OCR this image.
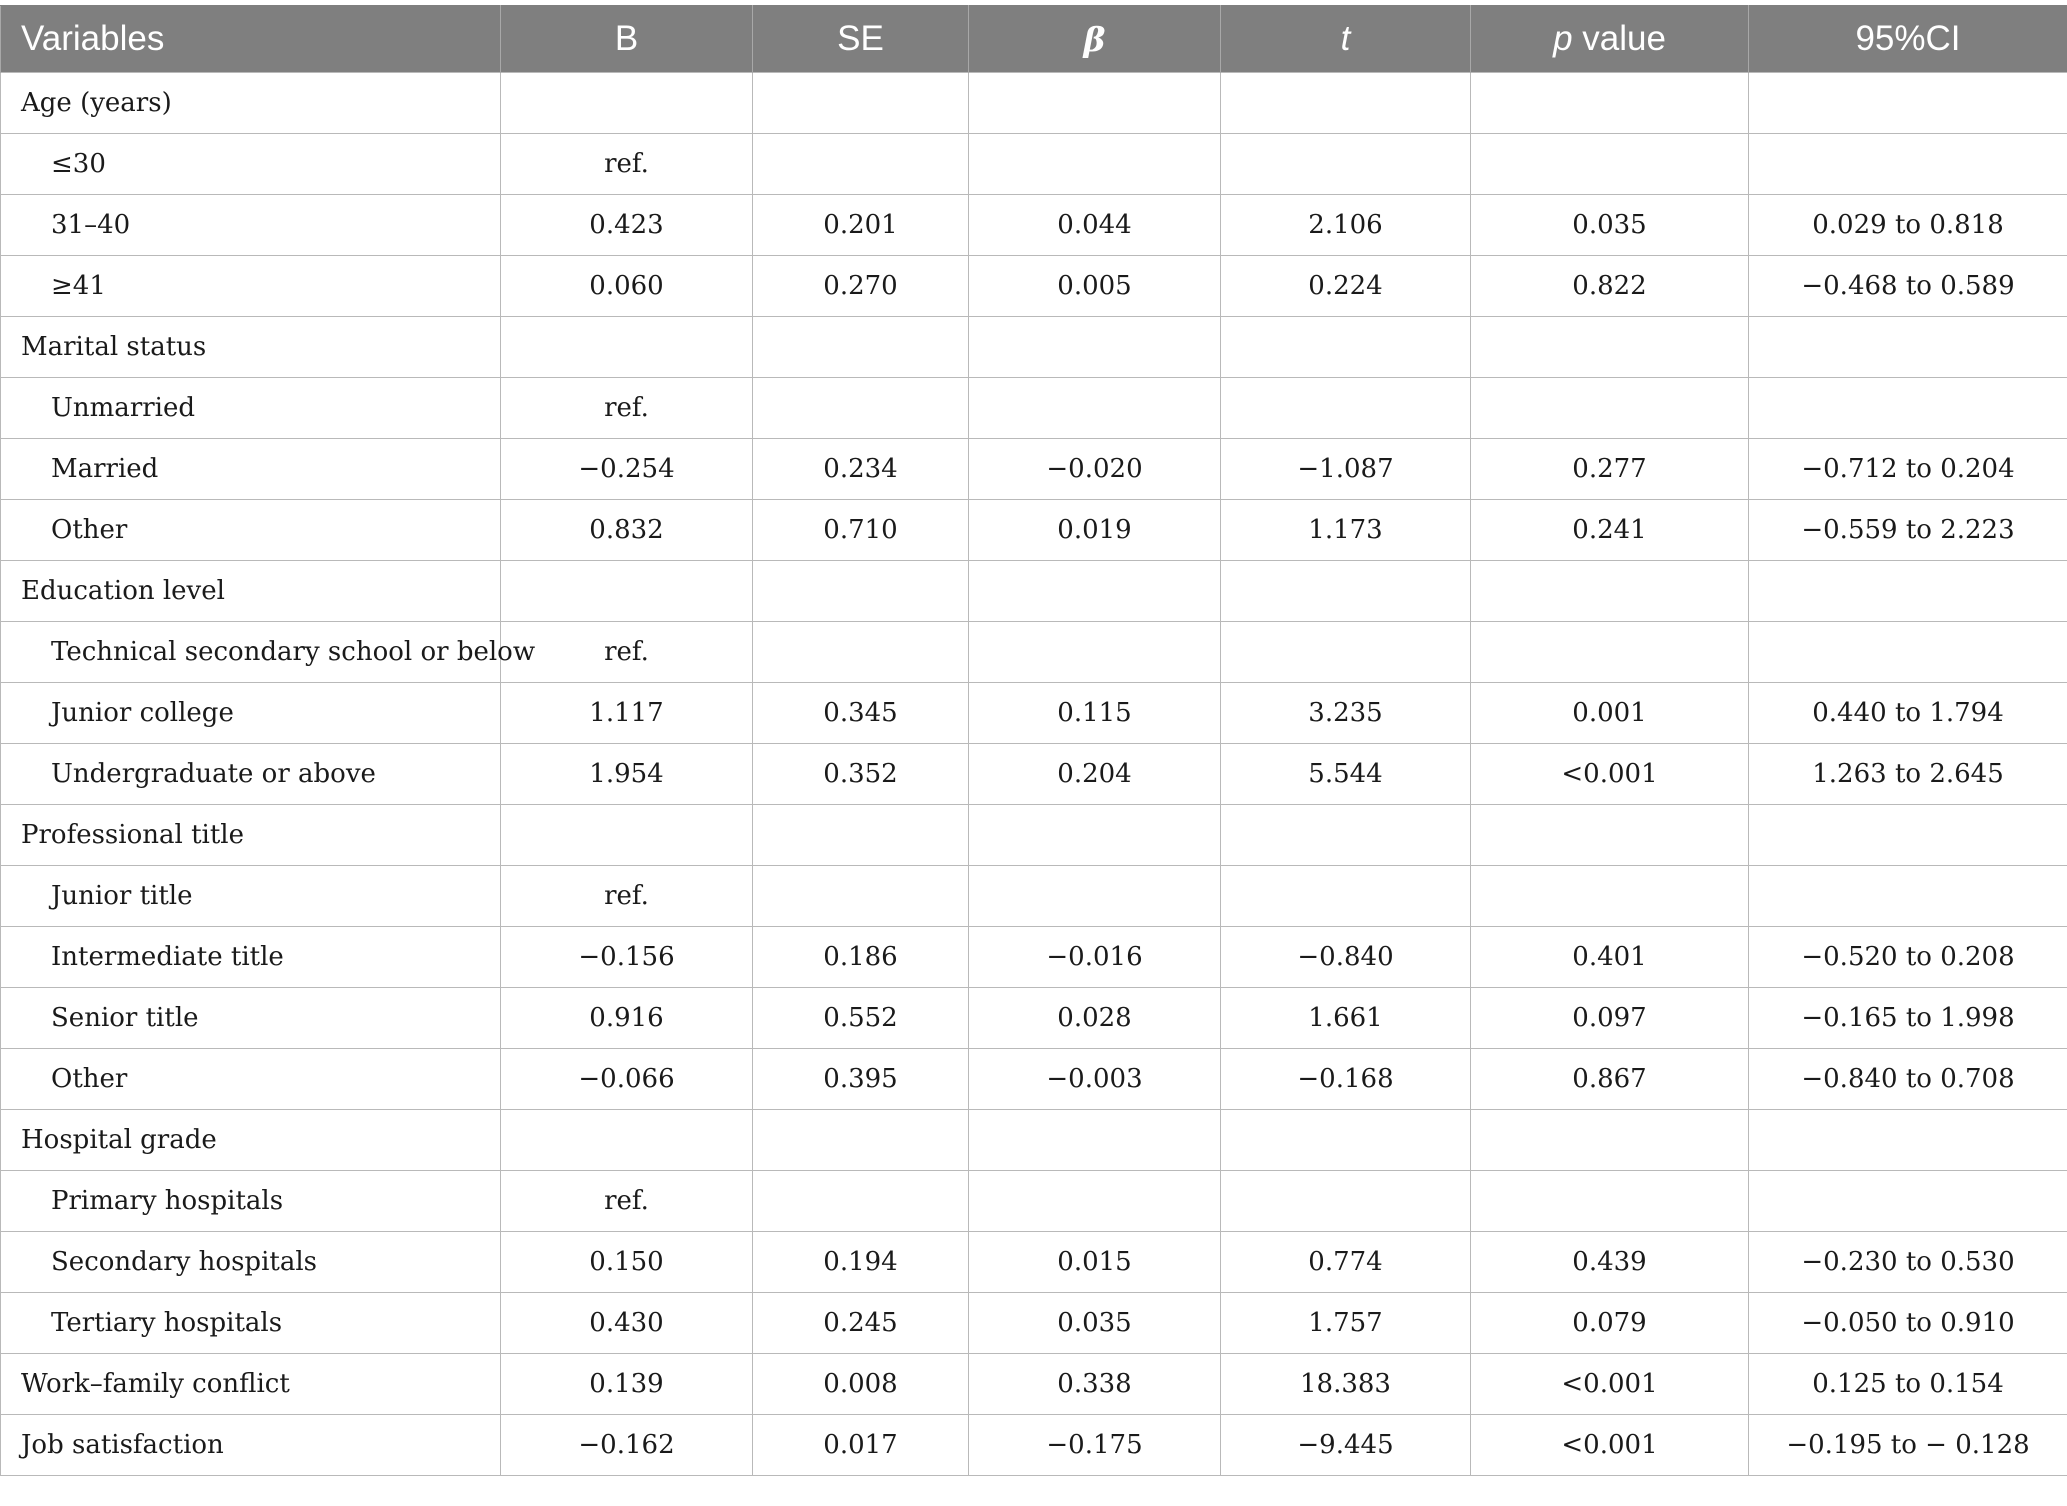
Variables	B	SE	β	t	p value	95%CI
Age (years)						
≤30	ref.					
31–40	0.423	0.201	0.044	2.106	0.035	0.029 to 0.818
≥41	0.060	0.270	0.005	0.224	0.822	−0.468 to 0.589
Marital status						
Unmarried	ref.					
Married	−0.254	0.234	−0.020	−1.087	0.277	−0.712 to 0.204
Other	0.832	0.710	0.019	1.173	0.241	−0.559 to 2.223
Education level						
Technical secondary school or below	ref.					
Junior college	1.117	0.345	0.115	3.235	0.001	0.440 to 1.794
Undergraduate or above	1.954	0.352	0.204	5.544	<0.001	1.263 to 2.645
Professional title						
Junior title	ref.					
Intermediate title	−0.156	0.186	−0.016	−0.840	0.401	−0.520 to 0.208
Senior title	0.916	0.552	0.028	1.661	0.097	−0.165 to 1.998
Other	−0.066	0.395	−0.003	−0.168	0.867	−0.840 to 0.708
Hospital grade						
Primary hospitals	ref.					
Secondary hospitals	0.150	0.194	0.015	0.774	0.439	−0.230 to 0.530
Tertiary hospitals	0.430	0.245	0.035	1.757	0.079	−0.050 to 0.910
Work–family conflict	0.139	0.008	0.338	18.383	<0.001	0.125 to 0.154
Job satisfaction	−0.162	0.017	−0.175	−9.445	<0.001	−0.195 to − 0.128
